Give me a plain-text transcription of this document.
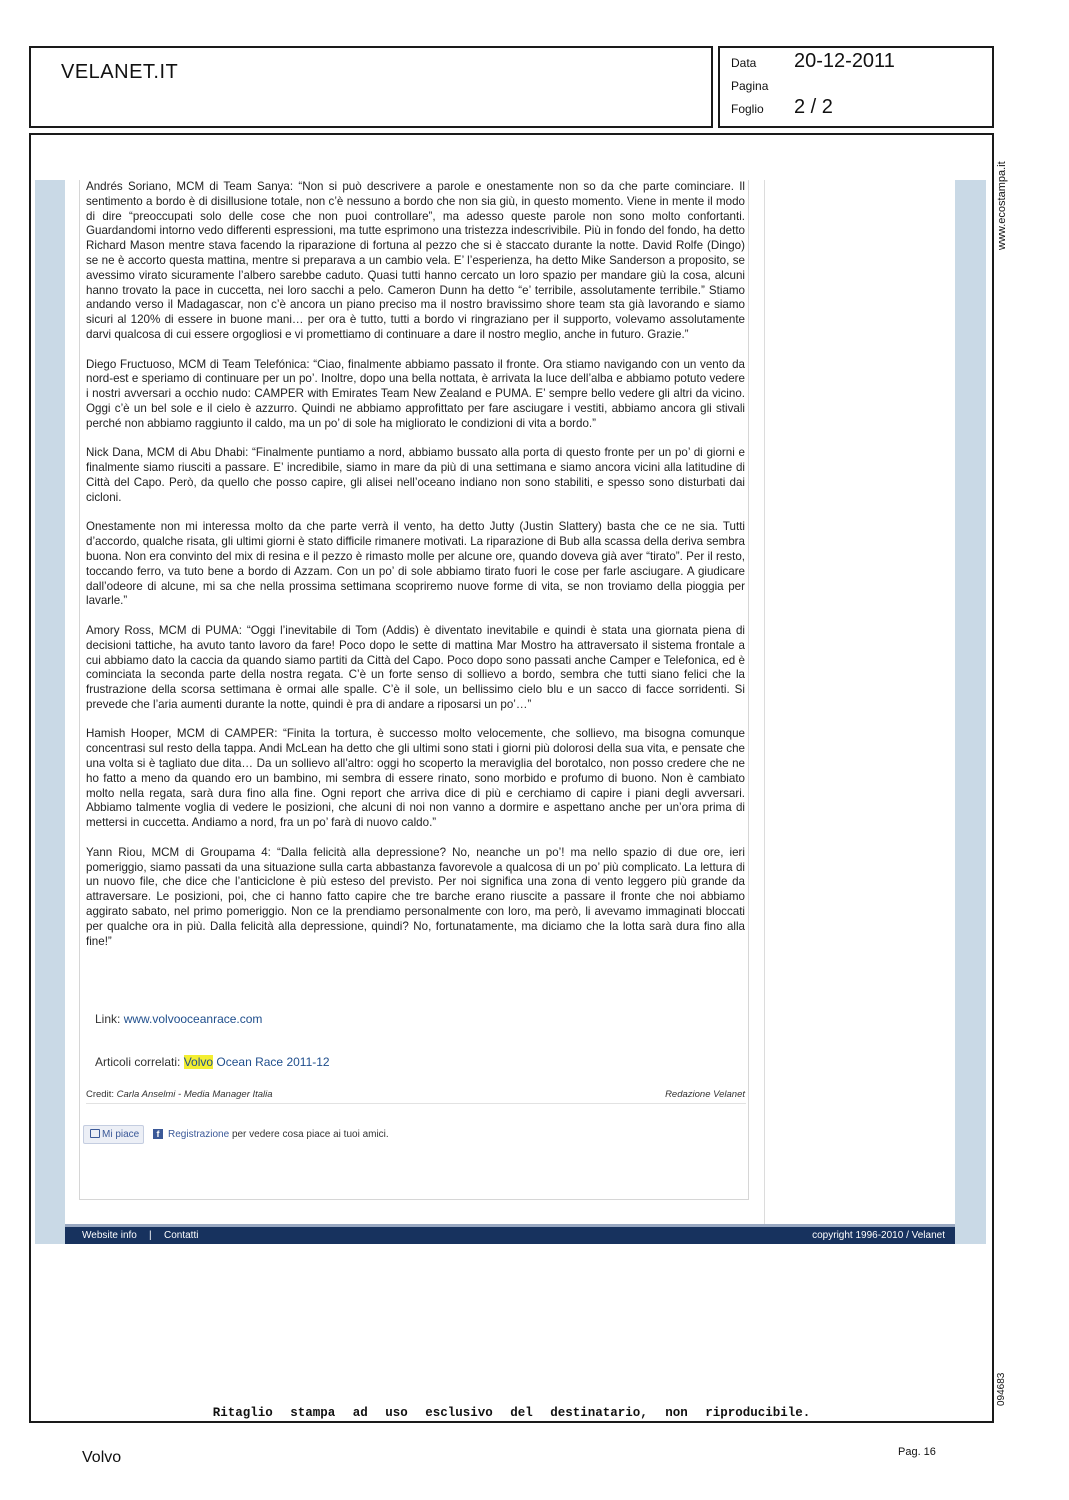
VELANET.IT	Data 20-12-2011
Pagina
Foglio 2 / 2
www.ecostampa.it
094683

Andrés Soriano, MCM di Team Sanya: “Non si può descrivere a parole e onestamente non so da che parte cominciare. Il sentimento a bordo è di disillusione totale, non c’è nessuno a bordo che non sia giù, in questo momento. Viene in mente il modo di dire “preoccupati solo delle cose che non puoi controllare”, ma adesso queste parole non sono molto confortanti. Guardandomi intorno vedo differenti espressioni, ma tutte esprimono una tristezza indescrivibile. Più in fondo del fondo, ha detto Richard Mason mentre stava facendo la riparazione di fortuna al pezzo che si è staccato durante la notte. David Rolfe (Dingo) se ne è accorto questa mattina, mentre si preparava a un cambio vela. E’ l’esperienza, ha detto Mike Sanderson a proposito, se avessimo virato sicuramente l’albero sarebbe caduto. Quasi tutti hanno cercato un loro spazio per mandare giù la cosa, alcuni hanno trovato la pace in cuccetta, nei loro sacchi a pelo. Cameron Dunn ha detto “e’ terribile, assolutamente terribile.” Stiamo andando verso il Madagascar, non c’è ancora un piano preciso ma il nostro bravissimo shore team sta già lavorando e siamo sicuri al 120% di essere in buone mani… per ora è tutto, tutti a bordo vi ringraziano per il supporto, volevamo assolutamente darvi qualcosa di cui essere orgogliosi e vi promettiamo di continuare a dare il nostro meglio, anche in futuro. Grazie.”

Diego Fructuoso, MCM di Team Telefónica: “Ciao, finalmente abbiamo passato il fronte. Ora stiamo navigando con un vento da nord-est e speriamo di continuare per un po’. Inoltre, dopo una bella nottata, è arrivata la luce dell’alba e abbiamo potuto vedere i nostri avversari a occhio nudo: CAMPER with Emirates Team New Zealand e PUMA. E’ sempre bello vedere gli altri da vicino. Oggi c’è un bel sole e il cielo è azzurro. Quindi ne abbiamo approfittato per fare asciugare i vestiti, abbiamo ancora gli stivali perché non abbiamo raggiunto il caldo, ma un po’ di sole ha migliorato le condizioni di vita a bordo.”

Nick Dana, MCM di Abu Dhabi: “Finalmente puntiamo a nord, abbiamo bussato alla porta di questo fronte per un po’ di giorni e finalmente siamo riusciti a passare. E’ incredibile, siamo in mare da più di una settimana e siamo ancora vicini alla latitudine di Città del Capo. Però, da quello che posso capire, gli alisei nell’oceano indiano non sono stabiliti, e spesso sono disturbati dai cicloni.

Onestamente non mi interessa molto da che parte verrà il vento, ha detto Jutty (Justin Slattery) basta che ce ne sia. Tutti d’accordo, qualche risata, gli ultimi giorni è stato difficile rimanere motivati. La riparazione di Bub alla scassa della deriva sembra buona. Non era convinto del mix di resina e il pezzo è rimasto molle per alcune ore, quando doveva già aver “tirato”. Per il resto, toccando ferro, va tuto bene a bordo di Azzam. Con un po’ di sole abbiamo tirato fuori le cose per farle asciugare. A giudicare dall’odeore di alcune, mi sa che nella prossima settimana scopriremo nuove forme di vita, se non troviamo della pioggia per lavarle.”

Amory Ross, MCM di PUMA: “Oggi l’inevitabile di Tom (Addis) è diventato inevitabile e quindi è stata una giornata piena di decisioni tattiche, ha avuto tanto lavoro da fare! Poco dopo le sette di mattina Mar Mostro ha attraversato il sistema frontale a cui abbiamo dato la caccia da quando siamo partiti da Città del Capo. Poco dopo sono passati anche Camper e Telefonica, ed è cominciata la seconda parte della nostra regata. C’è un forte senso di sollievo a bordo, sembra che tutti siano felici che la frustrazione della scorsa settimana è ormai alle spalle. C’è il sole, un bellissimo cielo blu e un sacco di facce sorridenti. Si prevede che l’aria aumenti durante la notte, quindi è pra di andare a riposarsi un po’…”

Hamish Hooper, MCM di CAMPER: “Finita la tortura, è successo molto velocemente, che sollievo, ma bisogna comunque concentrasi sul resto della tappa. Andi McLean ha detto che gli ultimi sono stati i giorni più dolorosi della sua vita, e pensate che una volta si è tagliato due dita… Da un sollievo all’altro: oggi ho scoperto la meraviglia del borotalco, non posso credere che ne ho fatto a meno da quando ero un bambino, mi sembra di essere rinato, sono morbido e profumo di buono. Non è cambiato molto nella regata, sarà dura fino alla fine. Ogni report che arriva dice di più e cerchiamo di capire i piani degli avversari. Abbiamo talmente voglia di vedere le posizioni, che alcuni di noi non vanno a dormire e aspettano anche per un’ora prima di mettersi in cuccetta. Andiamo a nord, fra un po’ farà di nuovo caldo.”

Yann Riou, MCM di Groupama 4: “Dalla felicità alla depressione? No, neanche un po’! ma nello spazio di due ore, ieri pomeriggio, siamo passati da una situazione sulla carta abbastanza favorevole a qualcosa di un po’ più complicato. La lettura di un nuovo file, che dice che l’anticiclone è più esteso del previsto. Per noi significa una zona di vento leggero più grande da attraversare. Le posizioni, poi, che ci hanno fatto capire che tre barche erano riuscite a passare il fronte che noi abbiamo aggirato sabato, nel primo pomeriggio. Non ce la prendiamo personalmente con loro, ma però, li avevamo immaginati bloccati per qualche ora in più. Dalla felicità alla depressione, quindi? No, fortunatamente, ma diciamo che la lotta sarà dura fino alla fine!”

Link: www.volvooceanrace.com
Articoli correlati: Volvo Ocean Race 2011-12
Credit: Carla Anselmi - Media Manager Italia	Redazione Velanet
Mi piace	f Registrazione per vedere cosa piace ai tuoi amici.
Website info | Contatti	copyright 1996-2010 / Velanet
Ritaglio stampa ad uso esclusivo del destinatario, non riproducibile.
Volvo	Pag. 16
